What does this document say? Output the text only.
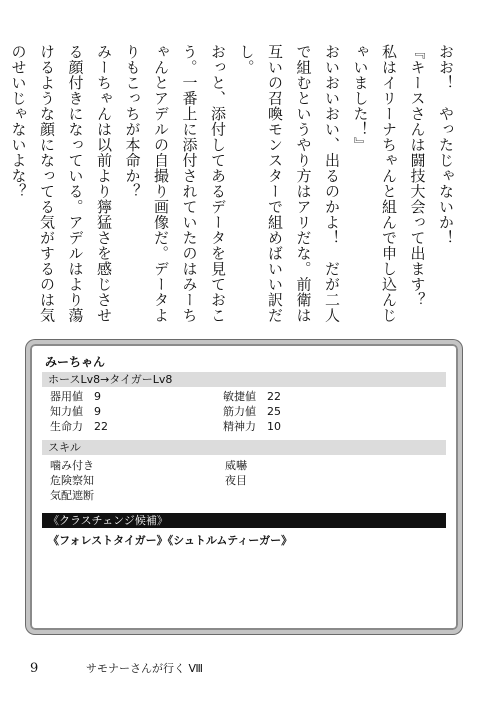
おお！　やったじゃないか！

『キースさんは闘技大会って出ます？　私はイリーナちゃんと組んで申し込んじゃいました！』

おいおいおい、出るのかよ！　だが二人で組むというやり方はアリだな。前衛は互いの召喚モンスターで組めばいい訳だし。

おっと、添付してあるデータを見ておこう。一番上に添付されていたのはみーちゃんとアデルの自撮り画像だ。データよりもこっちが本命か？

みーちゃんは以前より獰猛さを感じさせる顔付きになっている。アデルはより蕩けるような顔になってる気がするのは気のせいじゃないよな？

みーちゃん
ホースLv8→タイガーLv8
器用値	9	敏捷値	22
知力値	9	筋力値	25
生命力	22	精神力	10
スキル
噛み付き	威嚇
危険察知	夜目
気配遮断
《クラスチェンジ候補》
《フォレストタイガー》《シュトルムティーガー》
9	サモナーさんが行く Ⅷ
